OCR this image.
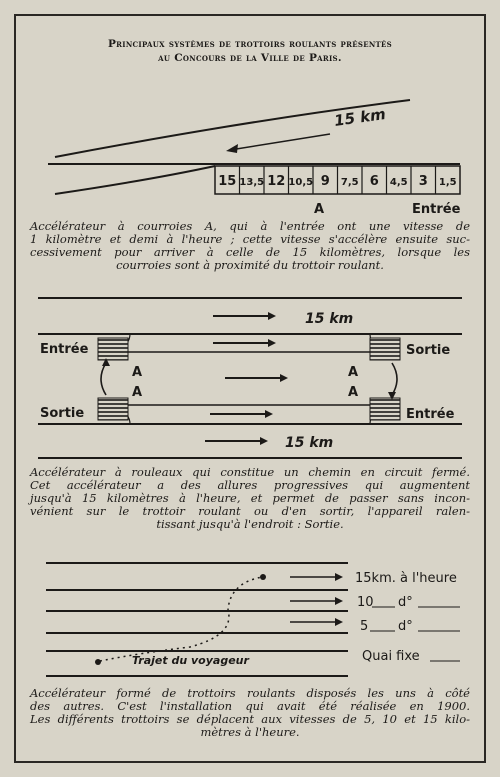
Principaux systèmes de trottoirs roulants présentés
au Concours de la Ville de Paris.
15 km
15 13,5 12 10,5 9 7,5 6 4,5 3 1,5
A	Entrée
Accélérateur à courroies A, qui à l'entrée ont une vitesse de
1 kilomètre et demi à l'heure ; cette vitesse s'accélère ensuite suc-
cessivement pour arriver à celle de 15 kilomètres, lorsque les
courroies sont à proximité du trottoir roulant.
15 km
15 km
Entrée
Sortie
Sortie
Entrée
A
A
A
A
Accélérateur à rouleaux qui constitue un chemin en circuit fermé.
Cet accélérateur a des allures progressives qui augmentent
jusqu'à 15 kilomètres à l'heure, et permet de passer sans incon-
vénient sur le trottoir roulant ou d'en sortir, l'appareil ralen-
tissant jusqu'à l'endroit : Sortie.
Trajet du voyageur
15km. à l'heure
10 d°
5 d°
Quai fixe
Accélérateur formé de trottoirs roulants disposés les uns à côté
des autres. C'est l'installation qui avait été réalisée en 1900.
Les différents trottoirs se déplacent aux vitesses de 5, 10 et 15 kilo-
mètres à l'heure.
